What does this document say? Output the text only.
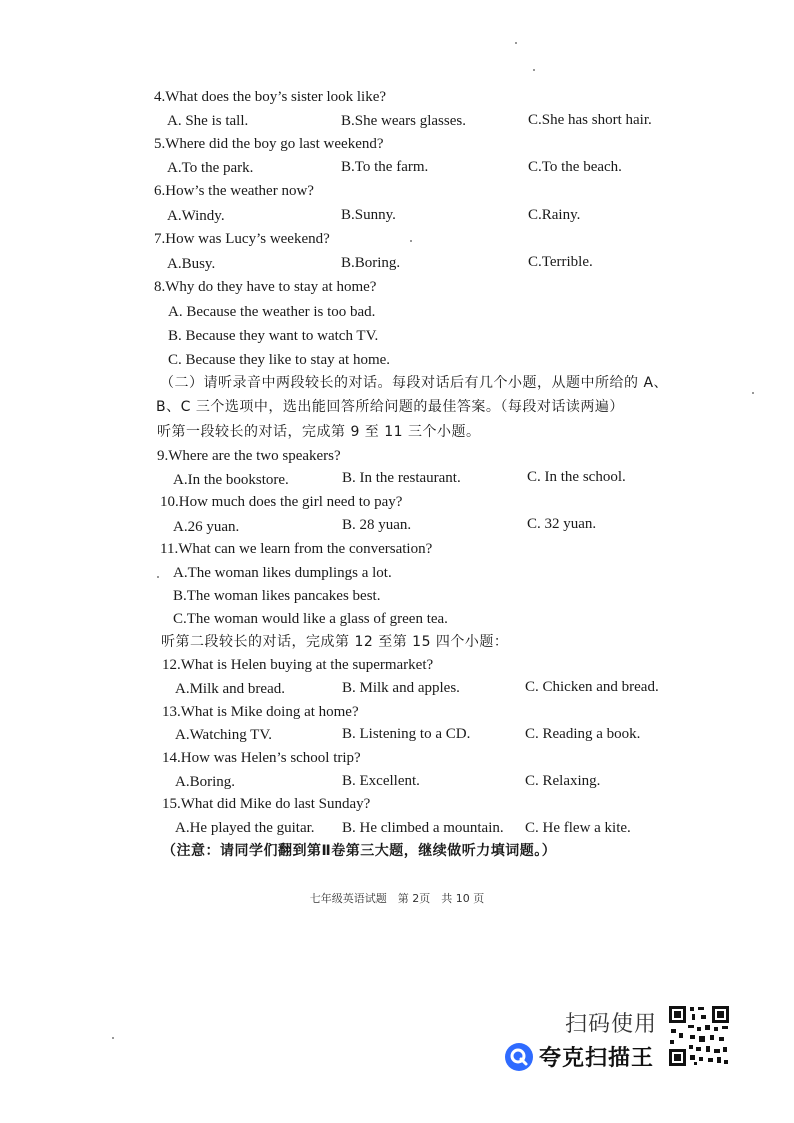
4.What does the boy’s sister look like?
A. She is tall.	B.She wears glasses.	C.She has short hair.
5.Where did the boy go last weekend?
A.To the park.	B.To the farm.	C.To the beach.
6.How’s the weather now?
A.Windy.	B.Sunny.	C.Rainy.
7.How was Lucy’s weekend?
A.Busy.	B.Boring.	C.Terrible.
8.Why do they have to stay at home?
A. Because the weather is too bad.
B. Because they want to watch TV.
C. Because they like to stay at home.
（二）请听录音中两段较长的对话。每段对话后有几个小题，从题中所给的 A、
B、C 三个选项中，选出能回答所给问题的最佳答案。（每段对话读两遍）
听第一段较长的对话，完成第 9 至 11 三个小题。
9.Where are the two speakers?
A.In the bookstore.	B. In the restaurant.	C. In the school.
10.How much does the girl need to pay?
A.26 yuan.	B. 28 yuan.	C. 32 yuan.
11.What can we learn from the conversation?
A.The woman likes dumplings a lot.
B.The woman likes pancakes best.
C.The woman would like a glass of green tea.
听第二段较长的对话，完成第 12 至第 15 四个小题：
12.What is Helen buying at the supermarket?
A.Milk and bread.	B. Milk and apples.	C. Chicken and bread.
13.What is Mike doing at home?
A.Watching TV.	B. Listening to a CD.	C. Reading a book.
14.How was Helen’s school trip?
A.Boring.	B. Excellent.	C. Relaxing.
15.What did Mike do last Sunday?
A.He played the guitar. B. He climbed a mountain. C. He flew a kite.
（注意：请同学们翻到第Ⅱ卷第三大题，继续做听力填词题。）
七年级英语试题　第 2页　共 10 页
扫码使用
夸克扫描王
